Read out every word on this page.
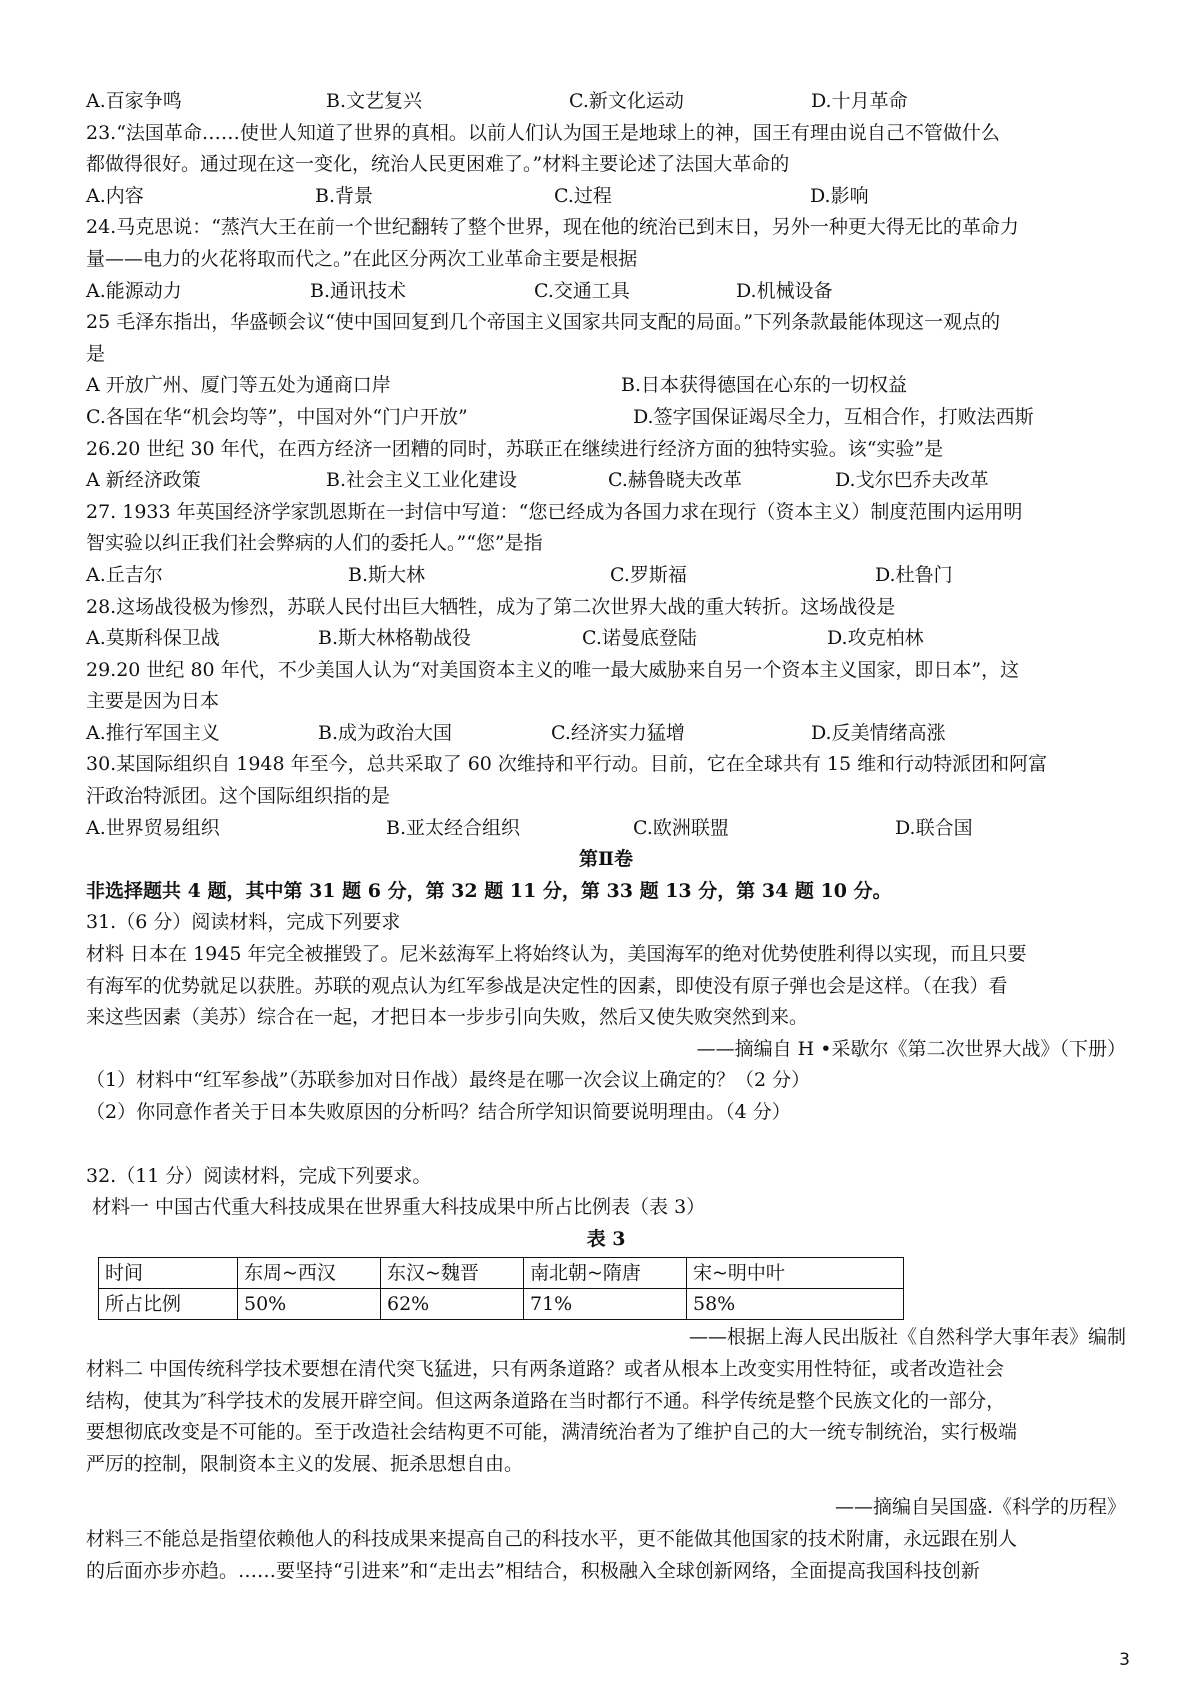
A.百家争鸣	B.文艺复兴	C.新文化运动	D.十月革命
23.“法国革命……使世人知道了世界的真相。以前人们认为国王是地球上的神，国王有理由说自己不管做什么
都做得很好。通过现在这一变化，统治人民更困难了。”材料主要论述了法国大革命的
A.内容	B.背景	C.过程	D.影响
24.马克思说：“蒸汽大王在前一个世纪翻转了整个世界，现在他的统治已到末日，另外一种更大得无比的革命力
量——电力的火花将取而代之。”在此区分两次工业革命主要是根据
A.能源动力	B.通讯技术	C.交通工具	D.机械设备
25 毛泽东指出，华盛顿会议“使中国回复到几个帝国主义国家共同支配的局面。”下列条款最能体现这一观点的
是
A 开放广州、厦门等五处为通商口岸	B.日本获得德国在心东的一切权益
C.各国在华“机会均等”，中国对外“门户开放”	D.签字国保证竭尽全力，互相合作，打败法西斯
26.20 世纪 30 年代，在西方经济一团糟的同时，苏联正在继续进行经济方面的独特实验。该“实验”是
A 新经济政策	B.社会主义工业化建设	C.赫鲁晓夫改革	D.戈尔巴乔夫改革
27. 1933 年英国经济学家凯恩斯在一封信中写道：“您已经成为各国力求在现行（资本主义）制度范围内运用明
智实验以纠正我们社会弊病的人们的委托人。”“您”是指
A.丘吉尔	B.斯大林	C.罗斯福	D.杜鲁门
28.这场战役极为惨烈，苏联人民付出巨大牺牲，成为了第二次世界大战的重大转折。这场战役是
A.莫斯科保卫战	B.斯大林格勒战役	C.诺曼底登陆	D.攻克柏林
29.20 世纪 80 年代，不少美国人认为“对美国资本主义的唯一最大威胁来自另一个资本主义国家，即日本”，这
主要是因为日本
A.推行军国主义	B.成为政治大国	C.经济实力猛增	D.反美情绪高涨
30.某国际组织自 1948 年至今，总共采取了 60 次维持和平行动。目前，它在全球共有 15 维和行动特派团和阿富
汗政治特派团。这个国际组织指的是
A.世界贸易组织	B.亚太经合组织	C.欧洲联盟	D.联合国
第Ⅱ卷
非选择题共 4 题，其中第 31 题 6 分，第 32 题 11 分，第 33 题 13 分，第 34 题 10 分。
31.（6 分）阅读材料，完成下列要求
材料 日本在 1945 年完全被摧毁了。尼米兹海军上将始终认为，美国海军的绝对优势使胜利得以实现，而且只要
有海军的优势就足以获胜。苏联的观点认为红军参战是决定性的因素，即使没有原子弹也会是这样。（在我）看
来这些因素（美苏）综合在一起，才把日本一步步引向失败，然后又使失败突然到来。
——摘编自 H •采歇尔《第二次世界大战》（下册）
（1）材料中“红军参战”（苏联参加对日作战）最终是在哪一次会议上确定的？（2 分）
（2）你同意作者关于日本失败原因的分析吗？结合所学知识简要说明理由。（4 分）
32.（11 分）阅读材料，完成下列要求。
材料一 中国古代重大科技成果在世界重大科技成果中所占比例表（表 3）
表 3
时间	东周~西汉	东汉~魏晋	南北朝~隋唐	宋~明中叶
所占比例	50%	62%	71%	58%
——根据上海人民出版社《自然科学大事年表》编制
材料二 中国传统科学技术要想在清代突飞猛进，只有两条道路？或者从根本上改变实用性特征，或者改造社会
结构，使其为″科学技术的发展开辟空间。但这两条道路在当时都行不通。科学传统是整个民族文化的一部分，
要想彻底改变是不可能的。至于改造社会结构更不可能，满清统治者为了维护自己的大一统专制统治，实行极端
严厉的控制，限制资本主义的发展、扼杀思想自由。
——摘编自吴国盛.《科学的历程》
材料三不能总是指望依赖他人的科技成果来提高自己的科技水平，更不能做其他国家的技术附庸，永远跟在别人
的后面亦步亦趋。……要坚持“引进来”和“走出去”相结合，积极融入全球创新网络，全面提高我国科技创新
3
